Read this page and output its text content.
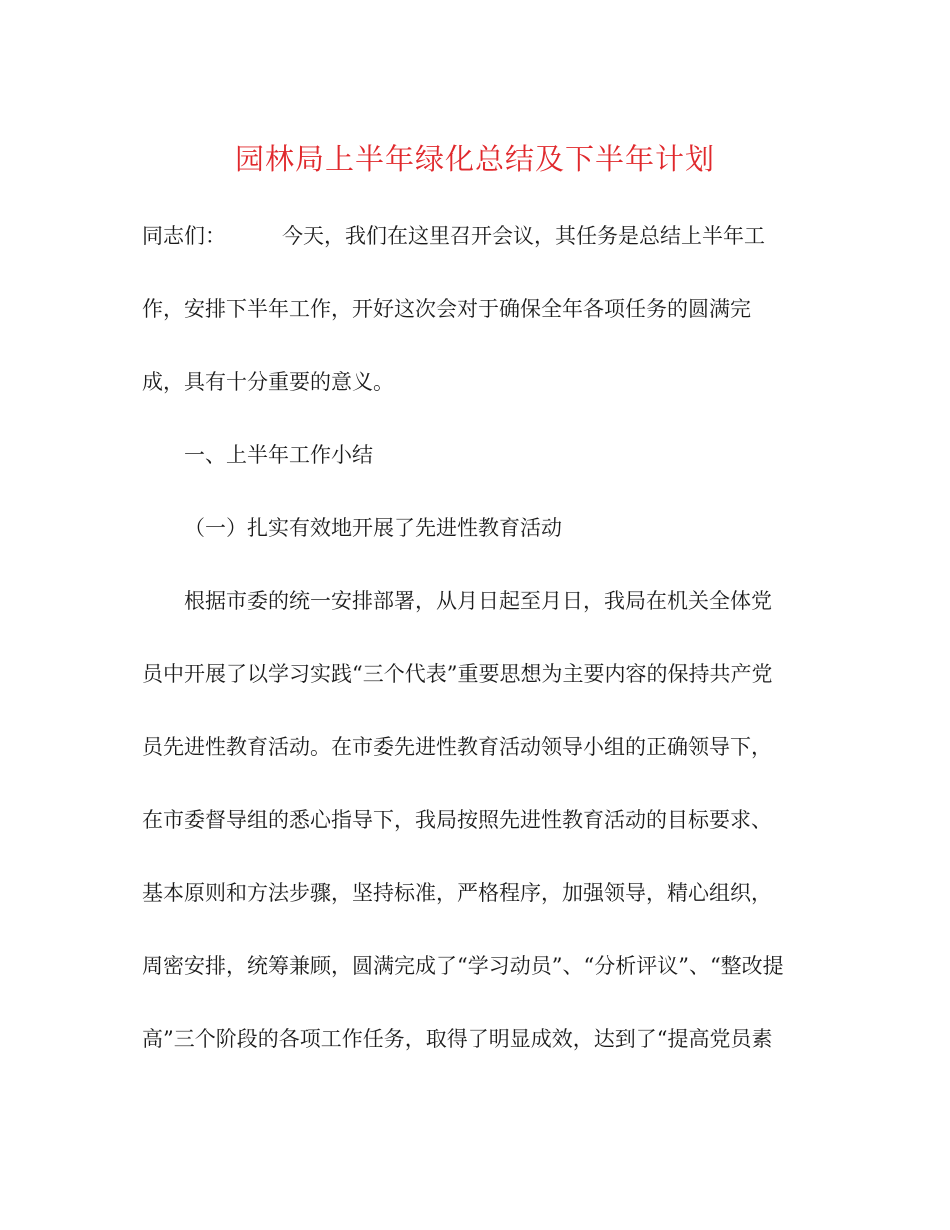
园林局上半年绿化总结及下半年计划
同志们：	今天，我们在这里召开会议，其任务是总结上半年工
作，安排下半年工作，开好这次会对于确保全年各项任务的圆满完
成，具有十分重要的意义。
一、上半年工作小结
（一）扎实有效地开展了先进性教育活动
根据市委的统一安排部署，从月日起至月日，我局在机关全体党
员中开展了以学习实践“三个代表”重要思想为主要内容的保持共产党
员先进性教育活动。在市委先进性教育活动领导小组的正确领导下，
在市委督导组的悉心指导下，我局按照先进性教育活动的目标要求、
基本原则和方法步骤，坚持标准，严格程序，加强领导，精心组织，
周密安排，统筹兼顾，圆满完成了“学习动员”、“分析评议”、“整改提
高”三个阶段的各项工作任务，取得了明显成效，达到了“提高党员素
